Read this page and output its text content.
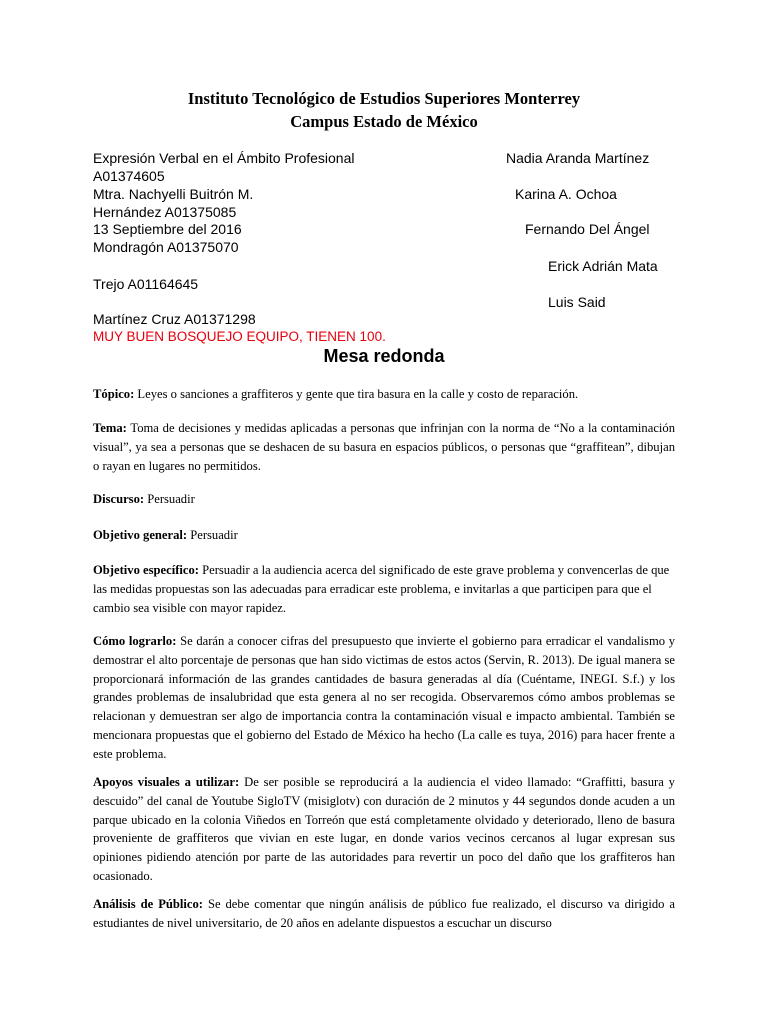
Instituto Tecnológico de Estudios Superiores Monterrey
Campus Estado de México
Expresión Verbal en el Ámbito Profesional	Nadia Aranda Martínez
A01374605
Mtra. Nachyelli Buitrón M.	Karina A. Ochoa
Hernández A01375085
13 Septiembre del 2016	Fernando Del Ángel
Mondragón A01375070
Erick Adrián Mata
Trejo A01164645
Luis Said
Martínez Cruz A01371298
MUY BUEN BOSQUEJO EQUIPO, TIENEN 100.
Mesa redonda

Tópico: Leyes o sanciones a graffiteros y gente que tira basura en la calle y costo de reparación.

Tema: Toma de decisiones y medidas aplicadas a personas que infrinjan con la norma de “No a la contaminación visual”, ya sea a personas que se deshacen de su basura en espacios públicos, o personas que “graffitean”, dibujan o rayan en lugares no permitidos.

Discurso: Persuadir

Objetivo general: Persuadir

Objetivo específico: Persuadir a la audiencia acerca del significado de este grave problema y convencerlas de que las medidas propuestas son las adecuadas para erradicar este problema, e invitarlas a que participen para que el cambio sea visible con mayor rapidez.

Cómo lograrlo: Se darán a conocer cifras del presupuesto que invierte el gobierno para erradicar el vandalismo y demostrar el alto porcentaje de personas que han sido victimas de estos actos (Servin, R. 2013). De igual manera se proporcionará información de las grandes cantidades de basura generadas al día (Cuéntame, INEGI. S.f.) y los grandes problemas de insalubridad que esta genera al no ser recogida. Observaremos cómo ambos problemas se relacionan y demuestran ser algo de importancia contra la contaminación visual e impacto ambiental. También se mencionara propuestas que el gobierno del Estado de México ha hecho (La calle es tuya, 2016) para hacer frente a este problema.

Apoyos visuales a utilizar: De ser posible se reproducirá a la audiencia el video llamado: “Graffitti, basura y descuido” del canal de Youtube SigloTV (misiglotv) con duración de 2 minutos y 44 segundos donde acuden a un parque ubicado en la colonia Viñedos en Torreón que está completamente olvidado y deteriorado, lleno de basura proveniente de graffiteros que vivian en este lugar, en donde varios vecinos cercanos al lugar expresan sus opiniones pidiendo atención por parte de las autoridades para revertir un poco del daño que los graffiteros han ocasionado.

Análisis de Público: Se debe comentar que ningún análisis de público fue realizado, el discurso va dirigido a estudiantes de nivel universitario, de 20 años en adelante dispuestos a escuchar un discurso
